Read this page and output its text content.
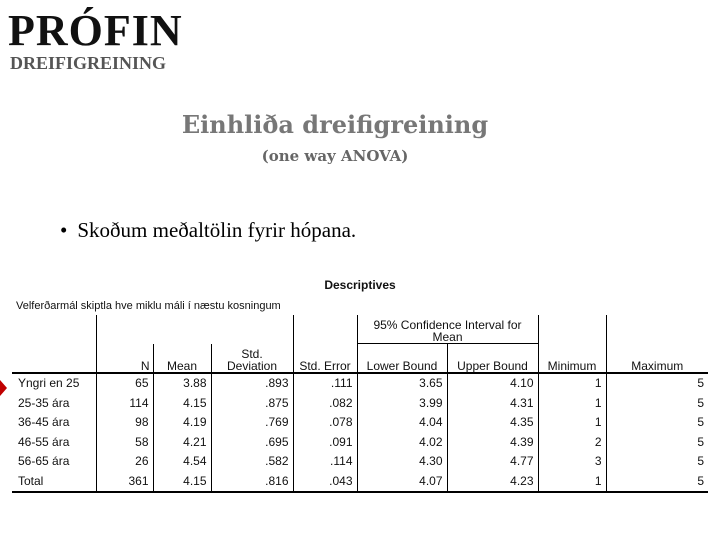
PRÓFIN
DREIFIGREINING
Einhliða dreifigreining
(one way ANOVA)
• Skoðum meðaltölin fyrir hópana.
Descriptives
Velferðarmál skiptla hve miklu máli í næstu kosningum
					95% Confidence Interval for
Mean			
	N	Mean	Std.
Deviation	Std. Error	Lower Bound	Upper Bound	Minimum	Maximum
Yngri en 25	65	3.88	.893	.111	3.65	4.10	1	5
25-35 ára	114	4.15	.875	.082	3.99	4.31	1	5
36-45 ára	98	4.19	.769	.078	4.04	4.35	1	5
46-55 ára	58	4.21	.695	.091	4.02	4.39	2	5
56-65 ára	26	4.54	.582	.114	4.30	4.77	3	5
Total	361	4.15	.816	.043	4.07	4.23	1	5
